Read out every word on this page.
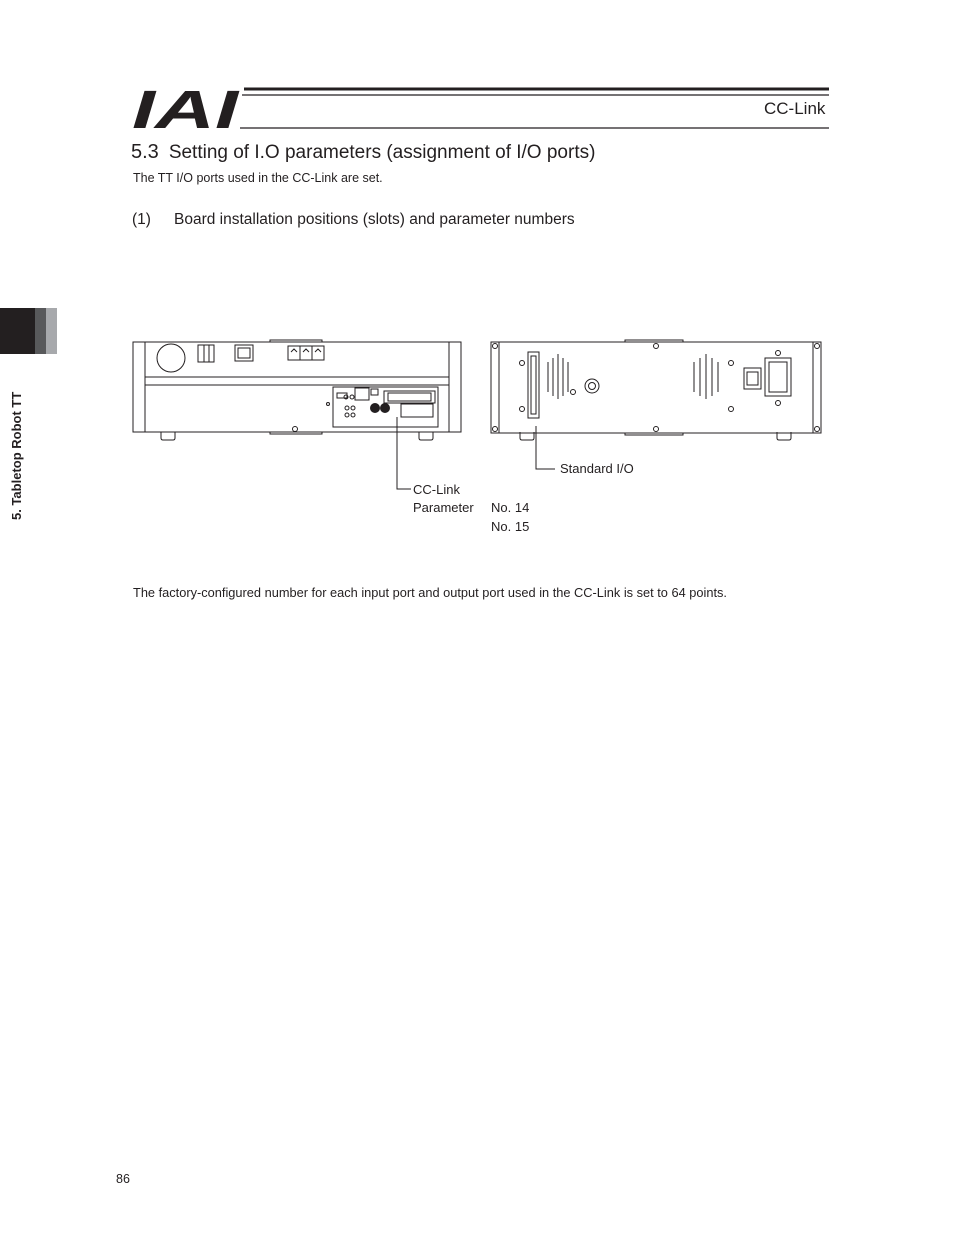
IAI	CC-Link
5.3 Setting of I.O parameters (assignment of I/O ports)
The TT I/O ports used in the CC-Link are set.
(1) Board installation positions (slots) and parameter numbers
5. Tabletop Robot TT	Standard I/O
CC-Link
Parameter No. 14
No. 15
The factory-configured number for each input port and output port used in the CC-Link is set to 64 points.
86
